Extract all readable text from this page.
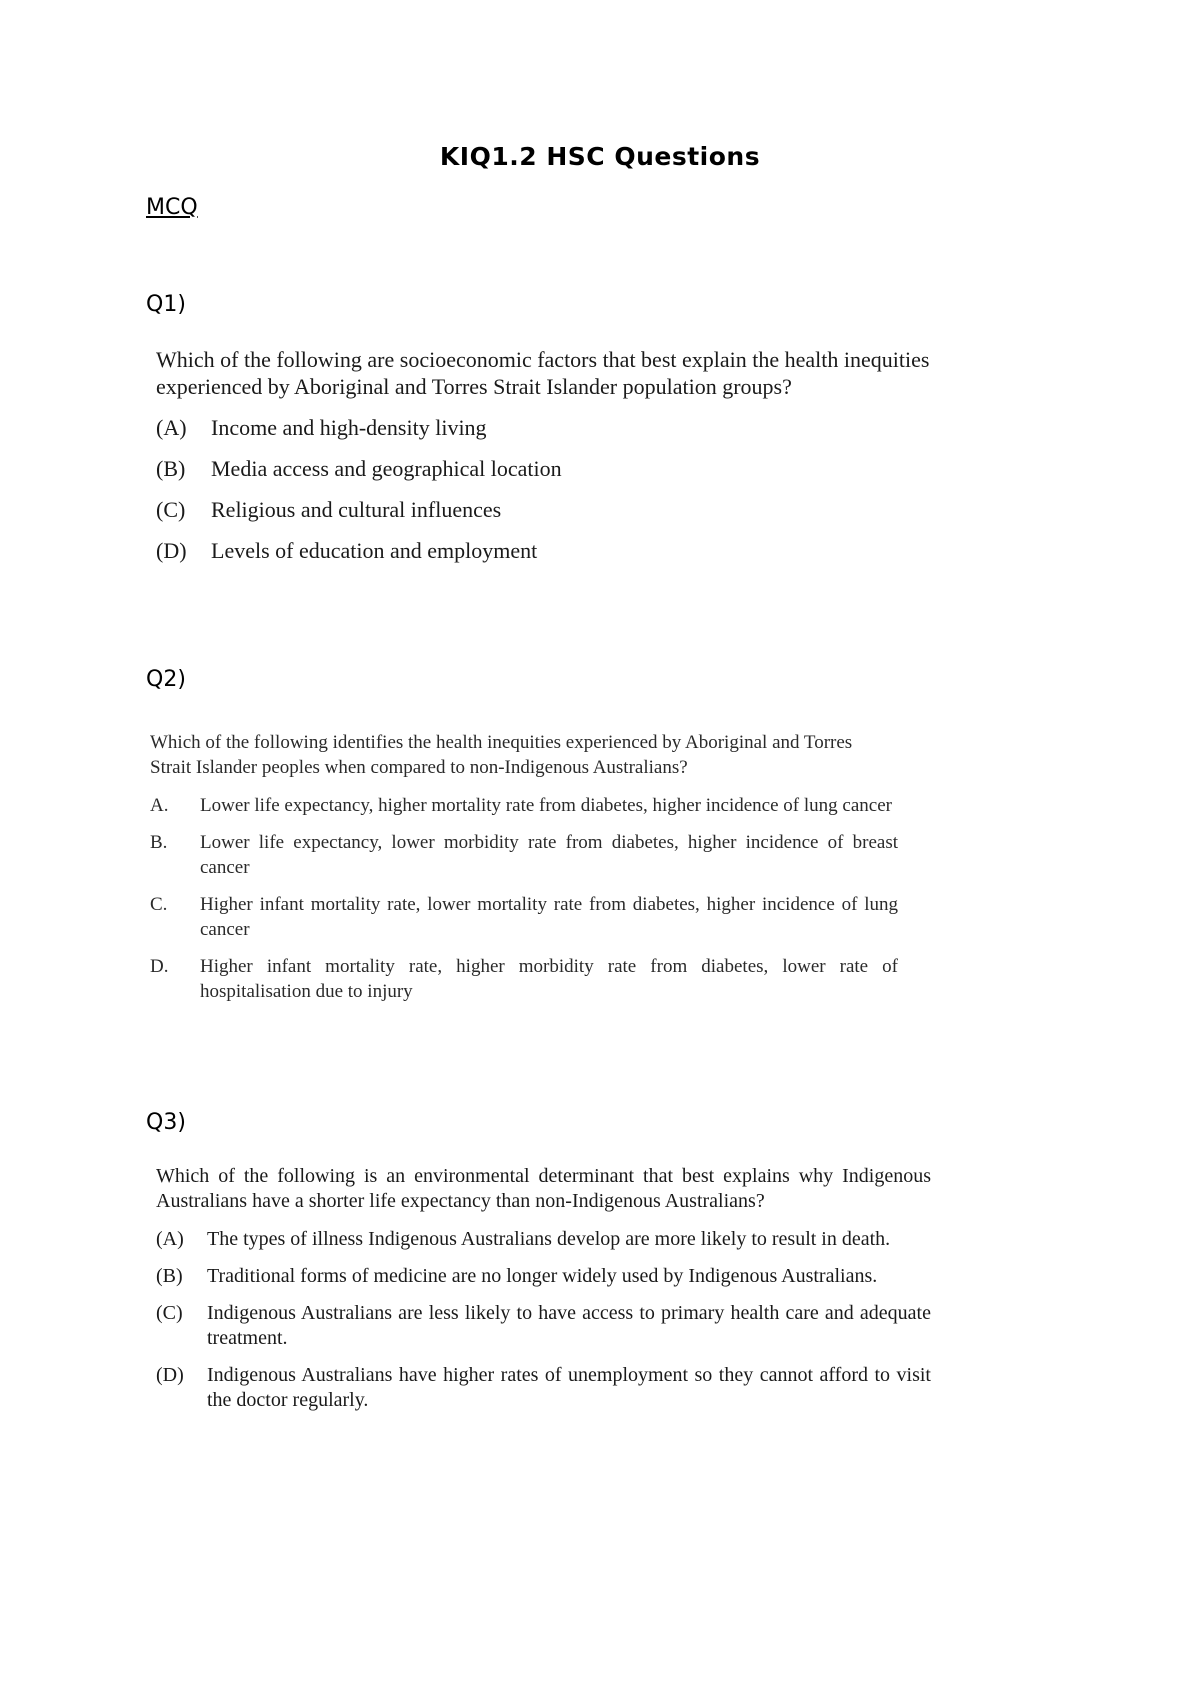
KIQ1.2 HSC Questions

MCQ

Q1)

Which of the following are socioeconomic factors that best explain the health inequities experienced by Aboriginal and Torres Strait Islander population groups?

(A)	Income and high-density living
(B)	Media access and geographical location
(C)	Religious and cultural influences
(D)	Levels of education and employment

Q2)

Which of the following identifies the health inequities experienced by Aboriginal and Torres Strait Islander peoples when compared to non-Indigenous Australians?

A.	Lower life expectancy, higher mortality rate from diabetes, higher incidence of lung cancer
B.	Lower life expectancy, lower morbidity rate from diabetes, higher incidence of breast cancer
C.	Higher infant mortality rate, lower mortality rate from diabetes, higher incidence of lung cancer
D.	Higher infant mortality rate, higher morbidity rate from diabetes, lower rate of hospitalisation due to injury

Q3)

Which of the following is an environmental determinant that best explains why Indigenous Australians have a shorter life expectancy than non-Indigenous Australians?

(A)	The types of illness Indigenous Australians develop are more likely to result in death.
(B)	Traditional forms of medicine are no longer widely used by Indigenous Australians.
(C)	Indigenous Australians are less likely to have access to primary health care and adequate treatment.
(D)	Indigenous Australians have higher rates of unemployment so they cannot afford to visit the doctor regularly.
